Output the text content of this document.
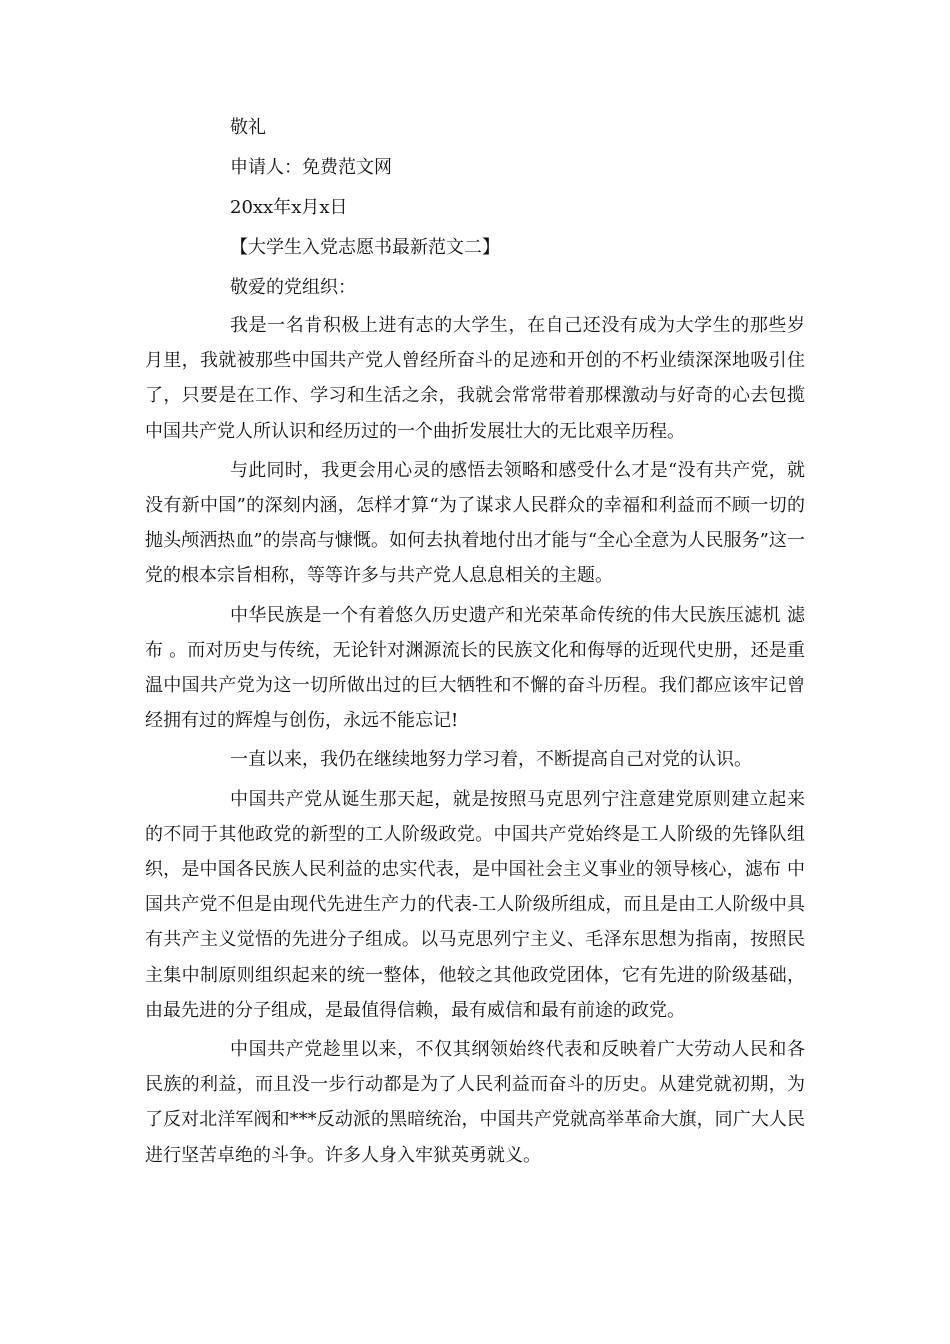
敬礼

申请人：免费范文网

20xx年x月x日

【大学生入党志愿书最新范文二】

敬爱的党组织：

我是一名肯积极上进有志的大学生，在自己还没有成为大学生的那些岁月里，我就被那些中国共产党人曾经所奋斗的足迹和开创的不朽业绩深深地吸引住了，只要是在工作、学习和生活之余，我就会常常带着那棵激动与好奇的心去包揽中国共产党人所认识和经历过的一个曲折发展壮大的无比艰辛历程。

与此同时，我更会用心灵的感悟去领略和感受什么才是“没有共产党，就没有新中国”的深刻内涵，怎样才算“为了谋求人民群众的幸福和利益而不顾一切的抛头颅洒热血”的崇高与慷慨。如何去执着地付出才能与“全心全意为人民服务”这一党的根本宗旨相称，等等许多与共产党人息息相关的主题。

中华民族是一个有着悠久历史遗产和光荣革命传统的伟大民族压滤机 滤布 。而对历史与传统，无论针对渊源流长的民族文化和侮辱的近现代史册，还是重温中国共产党为这一切所做出过的巨大牺牲和不懈的奋斗历程。我们都应该牢记曾经拥有过的辉煌与创伤，永远不能忘记!

一直以来，我仍在继续地努力学习着，不断提高自己对党的认识。

中国共产党从诞生那天起，就是按照马克思列宁注意建党原则建立起来的不同于其他政党的新型的工人阶级政党。中国共产党始终是工人阶级的先锋队组织，是中国各民族人民利益的忠实代表，是中国社会主义事业的领导核心，滤布 中国共产党不但是由现代先进生产力的代表-工人阶级所组成，而且是由工人阶级中具有共产主义觉悟的先进分子组成。以马克思列宁主义、毛泽东思想为指南，按照民主集中制原则组织起来的统一整体，他较之其他政党团体，它有先进的阶级基础，由最先进的分子组成，是最值得信赖，最有威信和最有前途的政党。

中国共产党趁里以来，不仅其纲领始终代表和反映着广大劳动人民和各民族的利益，而且没一步行动都是为了人民利益而奋斗的历史。从建党就初期，为了反对北洋军阀和***反动派的黑暗统治，中国共产党就高举革命大旗，同广大人民进行坚苦卓绝的斗争。许多人身入牢狱英勇就义。
